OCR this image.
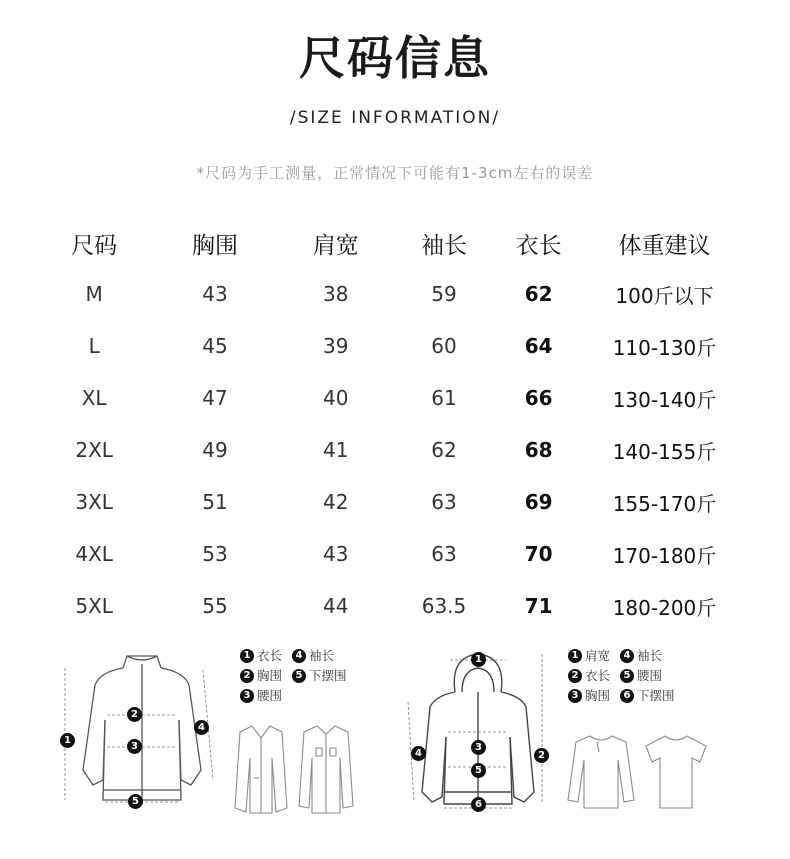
尺码信息
/SIZE INFORMATION/
*尺码为手工测量，正常情况下可能有1-3cm左右的误差
尺码	胸围	肩宽	袖长	衣长	体重建议
M	43	38	59	62	100斤以下
L	45	39	60	64	110-130斤
XL	47	40	61	66	130-140斤
2XL	49	41	62	68	140-155斤
3XL	51	42	63	69	155-170斤
4XL	53	43	63	70	170-180斤
5XL	55	44	63.5	71	180-200斤
1
2
3
4
5
1 衣长	4 袖长
2 胸围	5 下摆围
3 腰围
1
2
3
4
5
6
1 肩宽	4 袖长
2 衣长	5 腰围
3 胸围	6 下摆围
